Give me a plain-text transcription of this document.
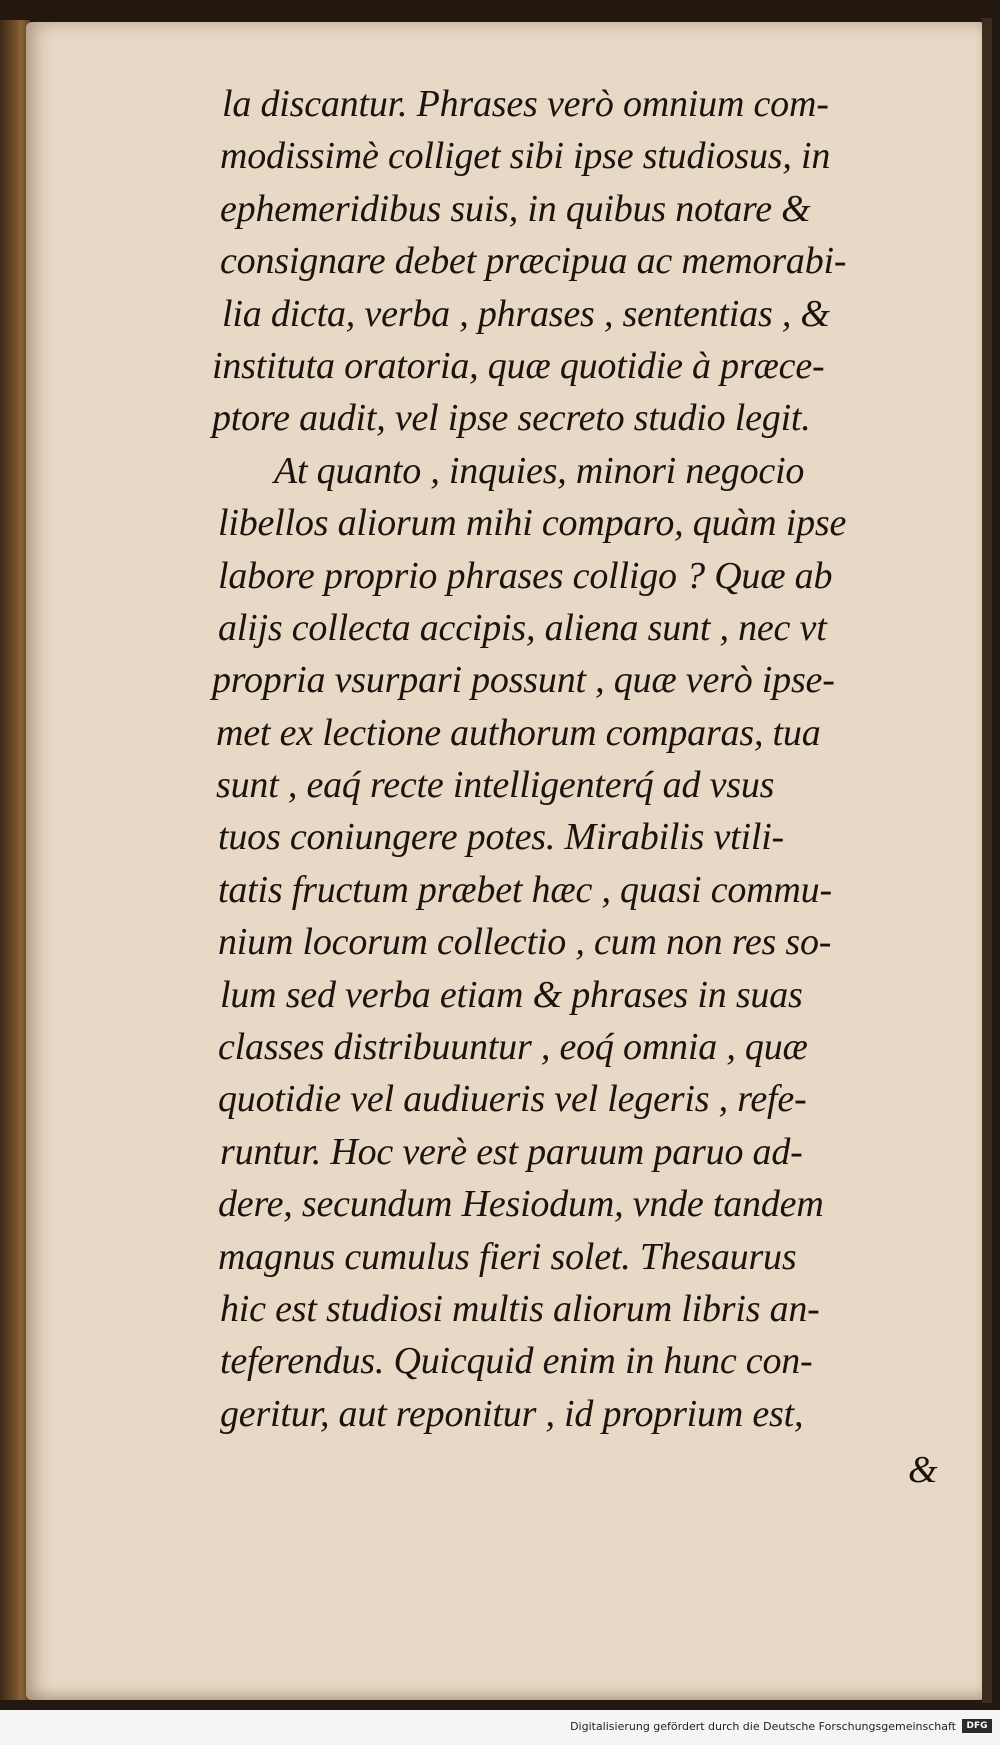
la discantur. Phrases verò omnium com-

modissimè colliget sibi ipse studiosus, in

ephemeridibus suis, in quibus notare &

consignare debet præcipua ac memorabi-

lia dicta, verba , phrases , sententias , &

instituta oratoria, quæ quotidie à præce-

ptore audit, vel ipse secreto studio legit.

At quanto , inquies, minori negocio

libellos aliorum mihi comparo, quàm ipse

labore proprio phrases colligo ? Quæ ab

aliјs collecta accipis, aliena sunt , nec vt

propria vsurpari possunt , quæ verò ipse-

met ex lectione authorum comparas, tua

sunt , eaq́ recte intelligenterq́ ad vsus

tuos coniungere potes. Mirabilis vtili-

tatis fructum præbet hæc , quasi commu-

nium locorum collectio , cum non res so-

lum sed verba etiam & phrases in suas

classes distribuuntur , eoq́ omnia , quæ

quotidie vel audiueris vel legeris , refe-

runtur. Hoc verè est paruum paruo ad-

dere, secundum Hesiodum, vnde tandem

magnus cumulus fieri solet. Thesaurus

hic est studiosi multis aliorum libris an-

teferendus. Quicquid enim in hunc con-

geritur, aut reponitur , id proprium est,

&
Digitalisierung gefördert durch die Deutsche Forschungsgemeinschaft	DFG
